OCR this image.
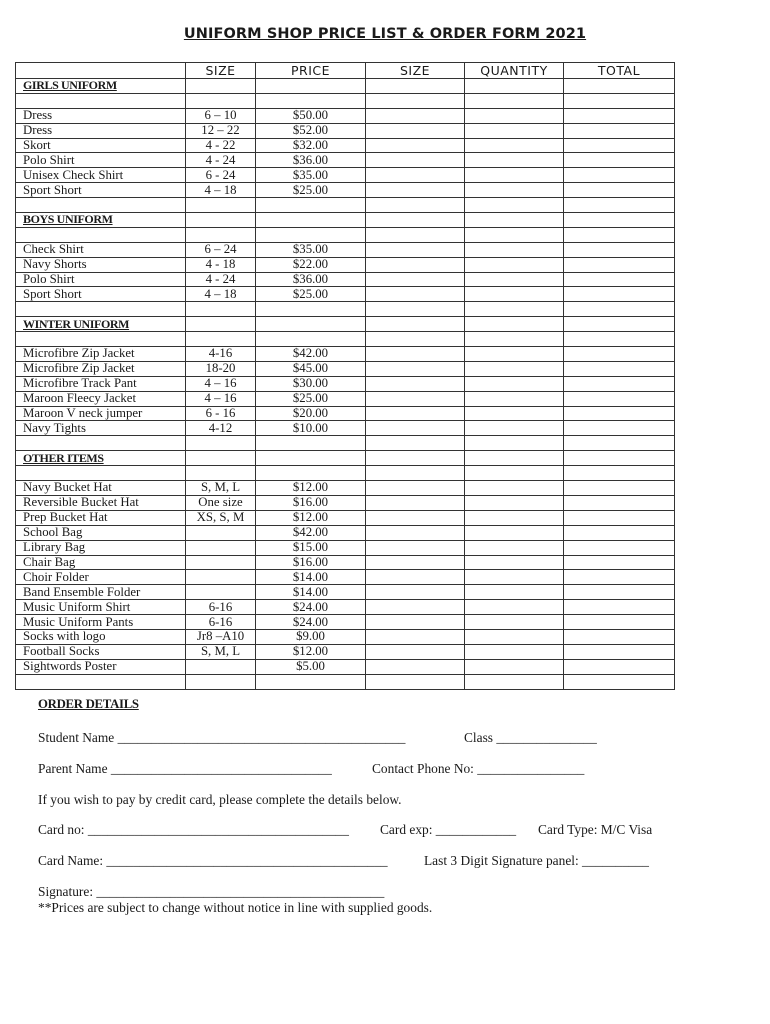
UNIFORM SHOP PRICE LIST & ORDER FORM 2021
	SIZE	PRICE	SIZE	QUANTITY	TOTAL
GIRLS UNIFORM					

Dress	6 – 10	$50.00			
Dress	12 – 22	$52.00			
Skort	4 - 22	$32.00			
Polo Shirt	4 - 24	$36.00			
Unisex Check Shirt	6 - 24	$35.00			
Sport Short	4 – 18	$25.00			

BOYS UNIFORM					

Check Shirt	6 – 24	$35.00			
Navy Shorts	4 - 18	$22.00			
Polo Shirt	4 - 24	$36.00			
Sport Short	4 – 18	$25.00			

WINTER UNIFORM					

Microfibre Zip Jacket	4-16	$42.00			
Microfibre Zip Jacket	18-20	$45.00			
Microfibre Track Pant	4 – 16	$30.00			
Maroon Fleecy Jacket	4 – 16	$25.00			
Maroon V neck jumper	6 - 16	$20.00			
Navy Tights	4-12	$10.00			

OTHER ITEMS					

Navy Bucket Hat	S, M, L	$12.00			
Reversible Bucket Hat	One size	$16.00			
Prep Bucket Hat	XS, S, M	$12.00			
School Bag		$42.00			
Library Bag		$15.00			
Chair Bag		$16.00			
Choir Folder		$14.00			
Band Ensemble Folder		$14.00			
Music Uniform Shirt	6-16	$24.00			
Music Uniform Pants	6-16	$24.00			
Socks with logo	Jr8 –A10	$9.00			
Football Socks	S, M, L	$12.00			
Sightwords Poster		$5.00			

ORDER DETAILS
Student Name ___________________________________________	Class _______________
Parent Name _________________________________	Contact Phone No: ________________
If you wish to pay by credit card, please complete the details below.
Card no: _______________________________________ Card exp: ____________ Card Type: M/C Visa
Card Name: __________________________________________	Last 3 Digit Signature panel: __________
Signature: ___________________________________________
**Prices are subject to change without notice in line with supplied goods.
